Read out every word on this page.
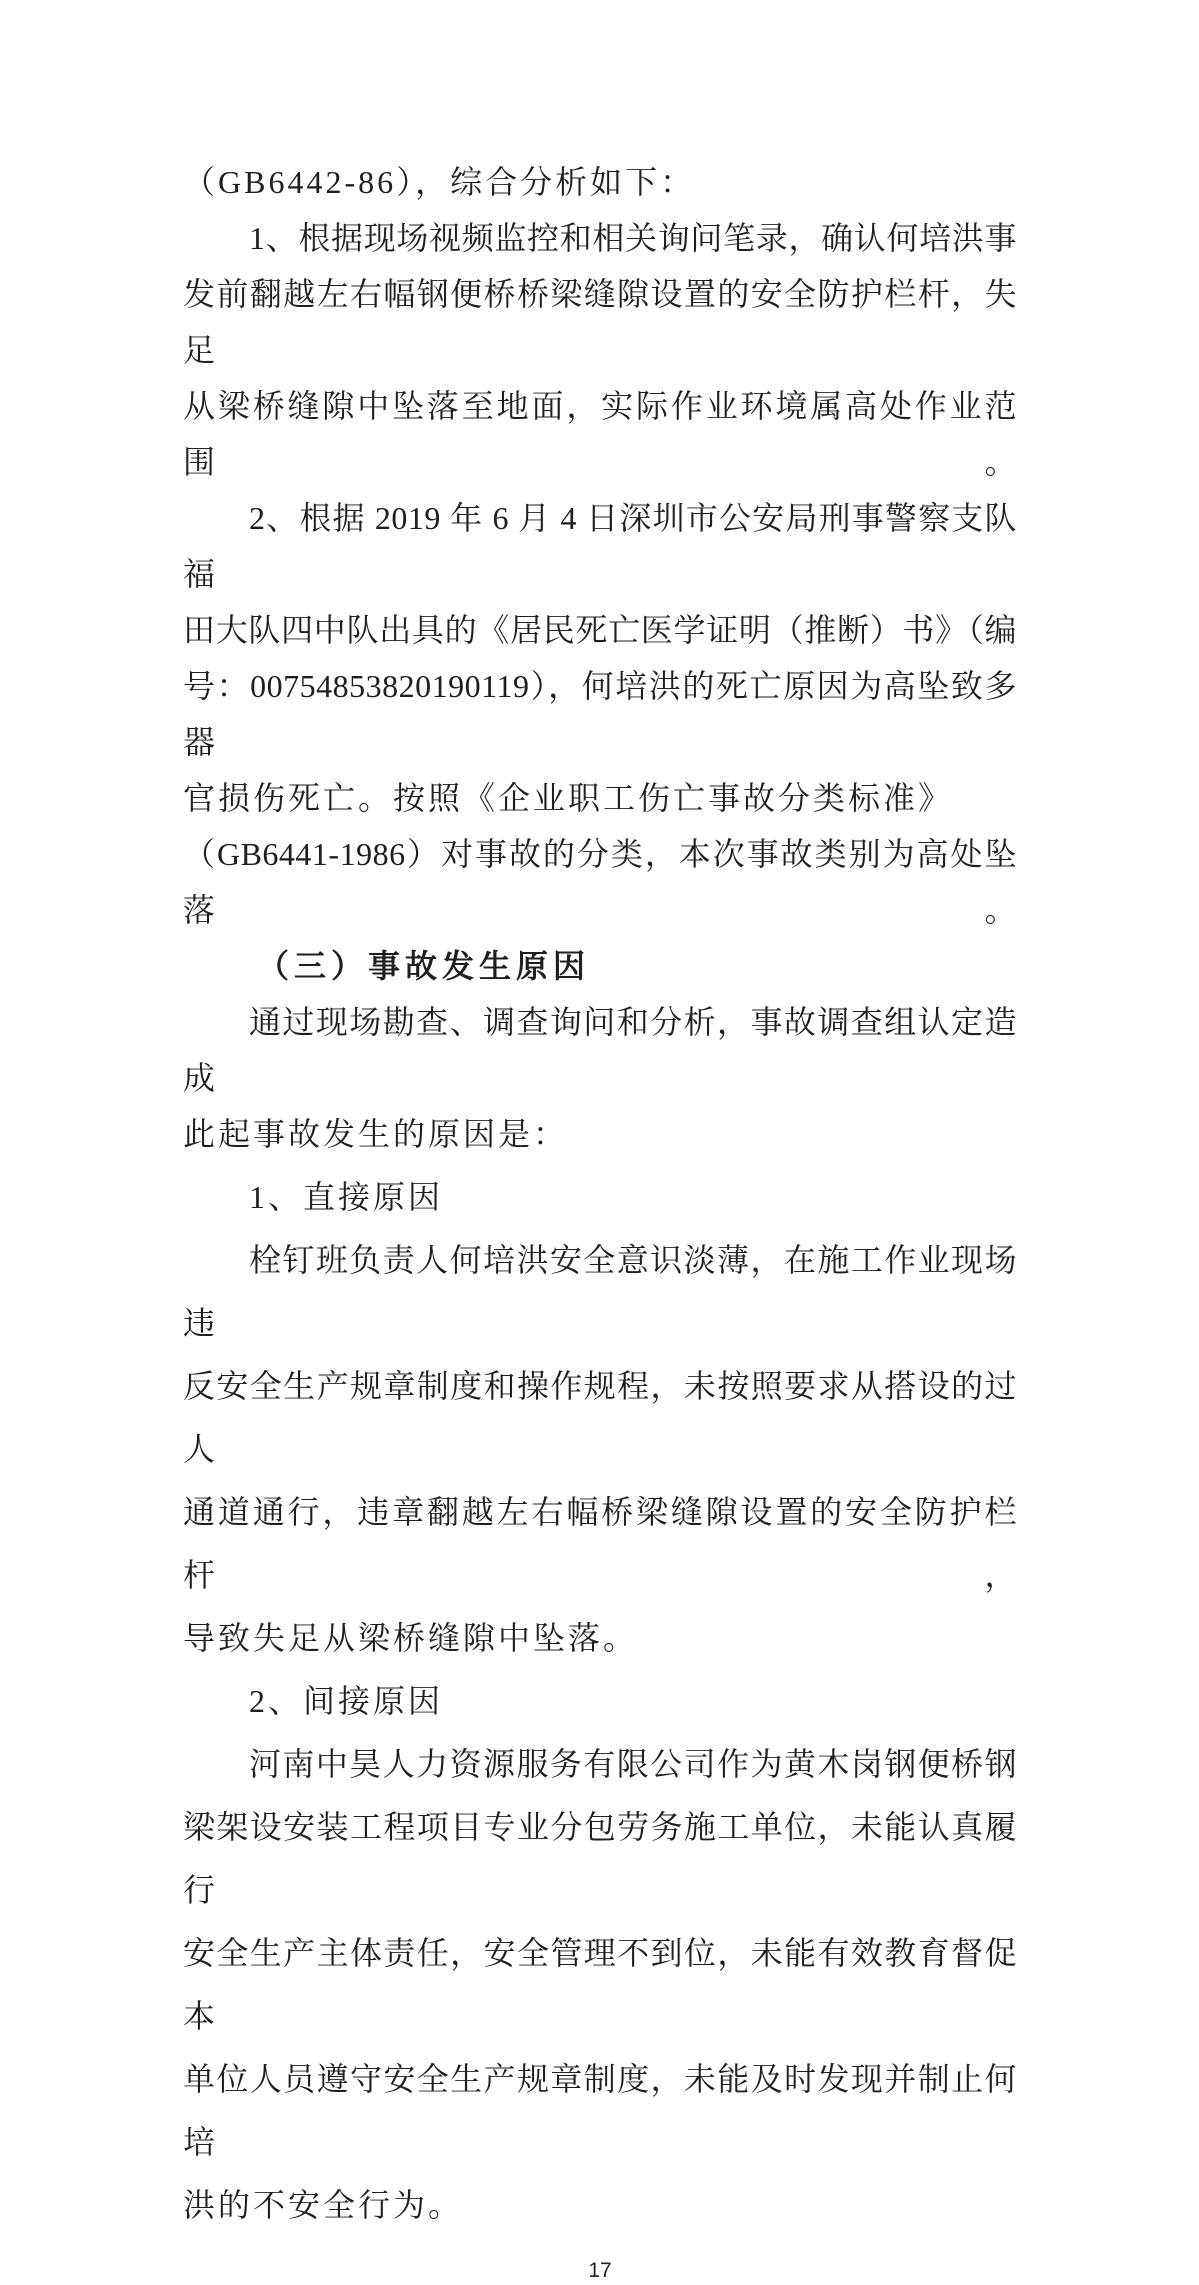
（GB6442-86），综合分析如下：
1、根据现场视频监控和相关询问笔录，确认何培洪事
发前翻越左右幅钢便桥桥梁缝隙设置的安全防护栏杆，失足
从梁桥缝隙中坠落至地面，实际作业环境属高处作业范围。
2、根据 2019 年 6 月 4 日深圳市公安局刑事警察支队福
田大队四中队出具的《居民死亡医学证明（推断）书》（编
号：00754853820190119），何培洪的死亡原因为高坠致多器
官损伤死亡。按照《企业职工伤亡事故分类标准》
（GB6441-1986）对事故的分类，本次事故类别为高处坠落。
（三）事故发生原因
通过现场勘查、调查询问和分析，事故调查组认定造成
此起事故发生的原因是：
1、直接原因
栓钉班负责人何培洪安全意识淡薄，在施工作业现场违
反安全生产规章制度和操作规程，未按照要求从搭设的过人
通道通行，违章翻越左右幅桥梁缝隙设置的安全防护栏杆，
导致失足从梁桥缝隙中坠落。
2、间接原因
河南中昊人力资源服务有限公司作为黄木岗钢便桥钢
梁架设安装工程项目专业分包劳务施工单位，未能认真履行
安全生产主体责任，安全管理不到位，未能有效教育督促本
单位人员遵守安全生产规章制度，未能及时发现并制止何培
洪的不安全行为。
17
